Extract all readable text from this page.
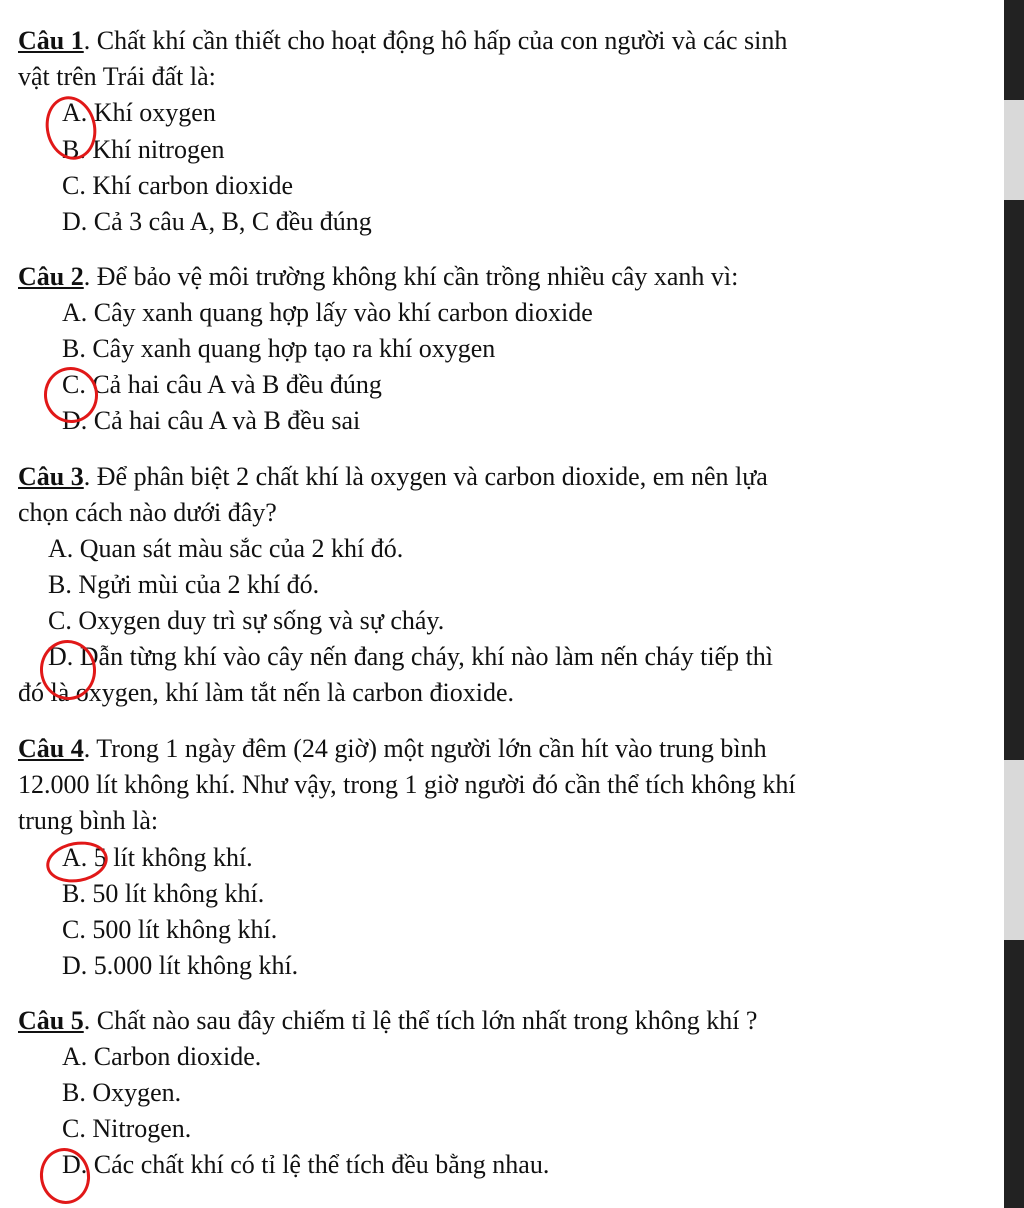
Câu 1. Chất khí cần thiết cho hoạt động hô hấp của con người và các sinh
vật trên Trái đất là:
A. Khí oxygen
B. Khí nitrogen
C. Khí carbon dioxide
D. Cả 3 câu A, B, C đều đúng
Câu 2. Để bảo vệ môi trường không khí cần trồng nhiều cây xanh vì:
A. Cây xanh quang hợp lấy vào khí carbon dioxide
B. Cây xanh quang hợp tạo ra khí oxygen
C. Cả hai câu A và B đều đúng
D. Cả hai câu A và B đều sai
Câu 3. Để phân biệt 2 chất khí là oxygen và carbon dioxide, em nên lựa
chọn cách nào dưới đây?
A. Quan sát màu sắc của 2 khí đó.
B. Ngửi mùi của 2 khí đó.
C. Oxygen duy trì sự sống và sự cháy.
D. Dẫn từng khí vào cây nến đang cháy, khí nào làm nến cháy tiếp thì
đó là oxygen, khí làm tắt nến là carbon đioxide.
Câu 4. Trong 1 ngày đêm (24 giờ) một người lớn cần hít vào trung bình
12.000 lít không khí. Như vậy, trong 1 giờ người đó cần thể tích không khí
trung bình là:
A. 5 lít không khí.
B. 50 lít không khí.
C. 500 lít không khí.
D. 5.000 lít không khí.
Câu 5. Chất nào sau đây chiếm tỉ lệ thể tích lớn nhất trong không khí ?
A. Carbon dioxide.
B. Oxygen.
C. Nitrogen.
D. Các chất khí có tỉ lệ thể tích đều bằng nhau.
